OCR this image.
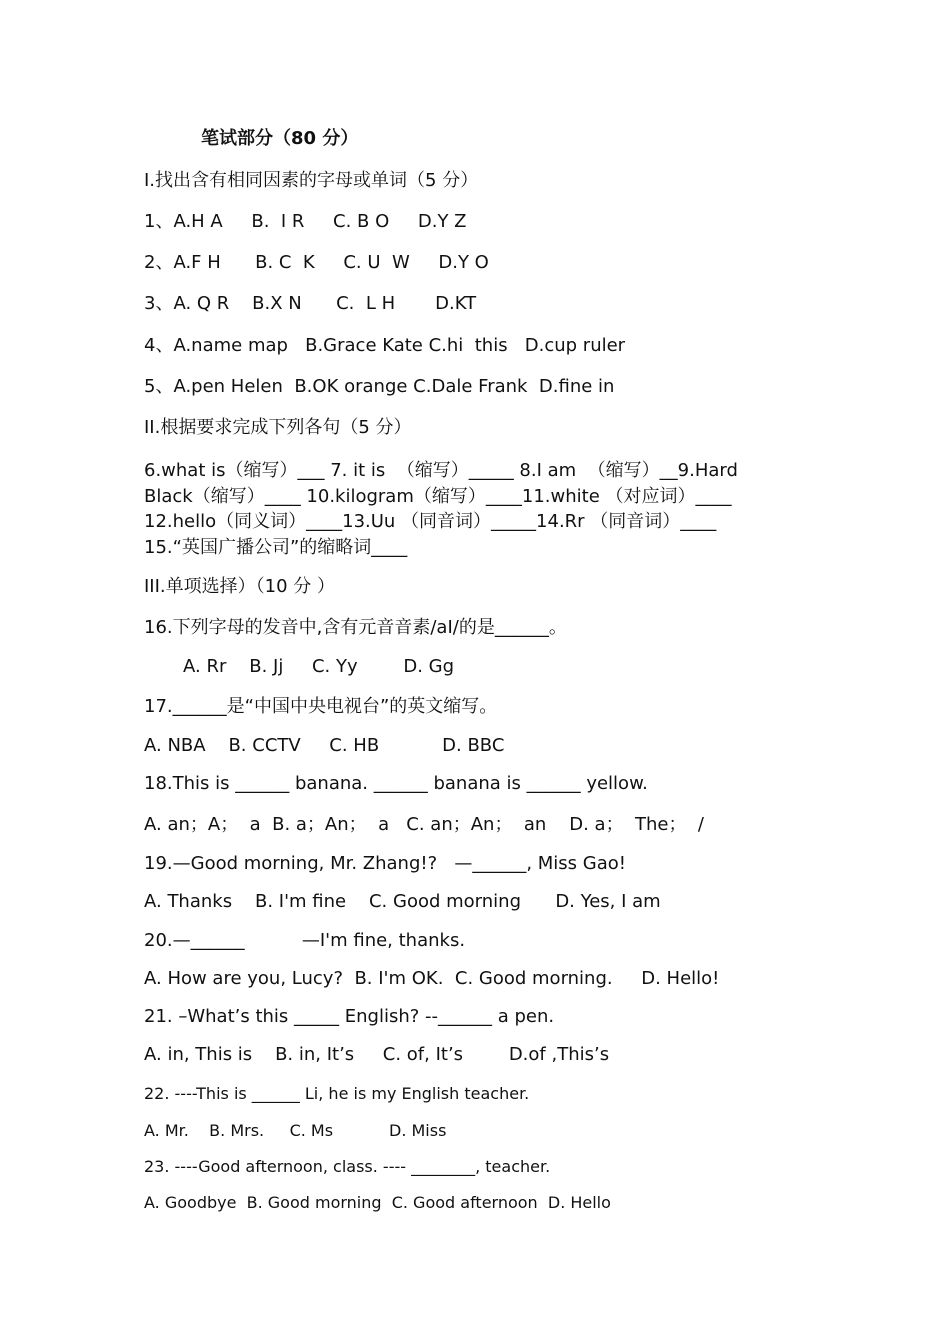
笔试部分（80 分）
I.找出含有相同因素的字母或单词（5 分）
1、A.H A     B.  I R     C. B O     D.Y Z
2、A.F H      B. C  K     C. U  W     D.Y O
3、A. Q R    B.X N      C.  L H       D.KT
4、A.name map   B.Grace Kate C.hi  this   D.cup ruler
5、A.pen Helen  B.OK orange C.Dale Frank  D.fine in
II.根据要求完成下列各句（5 分）
6.what is（缩写）___ 7. it is  （缩写）_____ 8.I am  （缩写）__9.Hard
Black（缩写）____ 10.kilogram（缩写）____11.white （对应词）____
12.hello（同义词）____13.Uu （同音词）_____14.Rr （同音词）____
15.“英国广播公司”的缩略词____
III.单项选择）（10 分 ）
16.下列字母的发音中,含有元音音素/aI/的是______。
A. Rr    B. Jj     C. Yy        D. Gg
17.______是“中国中央电视台”的英文缩写。
A. NBA    B. CCTV     C. HB           D. BBC
18.This is ______ banana. ______ banana is ______ yellow.
A. an；A；  a  B. a；An；  a   C. an；An；  an    D. a；  The；  /
19.—Good morning, Mr. Zhang!?   —______, Miss Gao!
A. Thanks    B. I'm fine    C. Good morning      D. Yes, I am
20.—______          —I'm fine, thanks.
A. How are you, Lucy?  B. I'm OK.  C. Good morning.     D. Hello!
21. –What’s this _____ English? --______ a pen.
A. in, This is    B. in, It’s     C. of, It’s        D.of ,This’s
22. ----This is ______ Li, he is my English teacher.
A. Mr.    B. Mrs.     C. Ms           D. Miss
23. ----Good afternoon, class. ---- ________, teacher.
A. Goodbye  B. Good morning  C. Good afternoon  D. Hello
